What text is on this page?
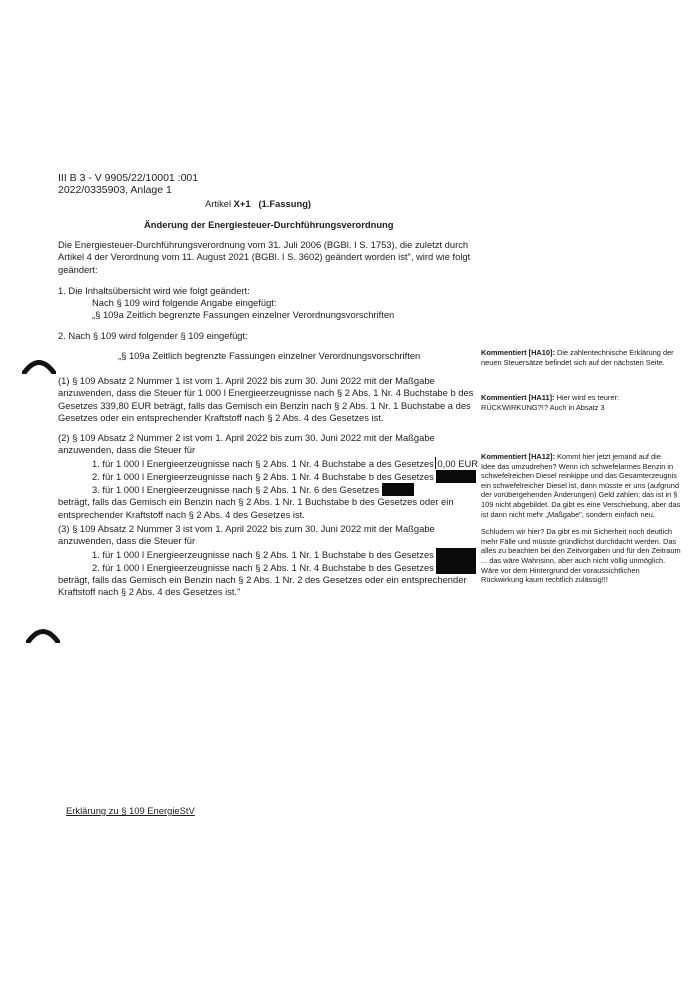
III B 3 - V 9905/22/10001 :001
2022/0335903, Anlage 1
Artikel X+1 (1.Fassung)
Änderung der Energiesteuer-Durchführungsverordnung
Die Energiesteuer-Durchführungsverordnung vom 31. Juli 2006 (BGBl. I S. 1753), die zuletzt durch
Artikel 4 der Verordnung vom 11. August 2021 (BGBl. I S. 3602) geändert worden ist", wird wie folgt
geändert:
1. Die Inhaltsübersicht wird wie folgt geändert:
Nach § 109 wird folgende Angabe eingefügt:
„§ 109a Zeitlich begrenzte Fassungen einzelner Verordnungsvorschriften
2. Nach § 109 wird folgender § 109 eingefügt:
„§ 109a Zeitlich begrenzte Fassungen einzelner Verordnungsvorschriften
(1) § 109 Absatz 2 Nummer 1 ist vom 1. April 2022 bis zum 30. Juni 2022 mit der Maßgabe
anzuwenden, dass die Steuer für 1 000 l Energieerzeugnisse nach § 2 Abs. 1 Nr. 4 Buchstabe b des
Gesetzes 339,80 EUR beträgt, falls das Gemisch ein Benzin nach § 2 Abs. 1 Nr. 1 Buchstabe a des
Gesetzes oder ein entsprechender Kraftstoff nach § 2 Abs. 4 des Gesetzes ist.
(2) § 109 Absatz 2 Nummer 2 ist vom 1. April 2022 bis zum 30. Juni 2022 mit der Maßgabe
anzuwenden, dass die Steuer für
1. für 1 000 l Energieerzeugnisse nach § 2 Abs. 1 Nr. 4 Buchstabe a des Gesetzes 0,00 EUR
2. für 1 000 l Energieerzeugnisse nach § 2 Abs. 1 Nr. 4 Buchstabe b des Gesetzes
3. für 1 000 l Energieerzeugnisse nach § 2 Abs. 1 Nr. 6 des Gesetzes
beträgt, falls das Gemisch ein Benzin nach § 2 Abs. 1 Nr. 1 Buchstabe b des Gesetzes oder ein
entsprechender Kraftstoff nach § 2 Abs. 4 des Gesetzes ist.
(3) § 109 Absatz 2 Nummer 3 ist vom 1. April 2022 bis zum 30. Juni 2022 mit der Maßgabe
anzuwenden, dass die Steuer für
1. für 1 000 l Energieerzeugnisse nach § 2 Abs. 1 Nr. 1 Buchstabe b des Gesetzes
2. für 1 000 l Energieerzeugnisse nach § 2 Abs. 1 Nr. 4 Buchstabe b des Gesetzes
beträgt, falls das Gemisch ein Benzin nach § 2 Abs. 1 Nr. 2 des Gesetzes oder ein entsprechender
Kraftstoff nach § 2 Abs. 4 des Gesetzes ist."
Kommentiert [HA10]: Die zahlentechnische Erklärung der
neuen Steuersätze befindet sich auf der nächsten Seite.
Kommentiert [HA11]: Hier wird es teurer:
RÜCKWIRKUNG?!? Auch in Absatz 3
Kommentiert [HA12]: Kommt hier jetzt jemand auf die
Idee das umzudrehen? Wenn ich schwefelarmes Benzin in
schwefelreichen Diesel reinkippe und das Gesamterzeugnis
ein schwefelreicher Diesel ist, dann müsste er uns (aufgrund
der vorübergehenden Änderungen) Geld zahlen; das ist in §
109 nicht abgebildet. Da gibt es eine Verschiebung, aber das
ist dann nicht mehr „Maßgabe", sondern einfach neu.
Schludern wir hier? Da gibt es mit Sicherheit noch deutlich
mehr Fälle und müsste gründlichst durchdacht werden. Das
alles zu beachten bei den Zeitvorgaben und für den Zeitraum
... das wäre Wahnsinn, aber auch nicht völlig unmöglich.
Wäre vor dem Hintergrund der voraussichtlichen
Rückwirkung kaum rechtlich zulässig!!!
Erklärung zu § 109 EnergieStV
